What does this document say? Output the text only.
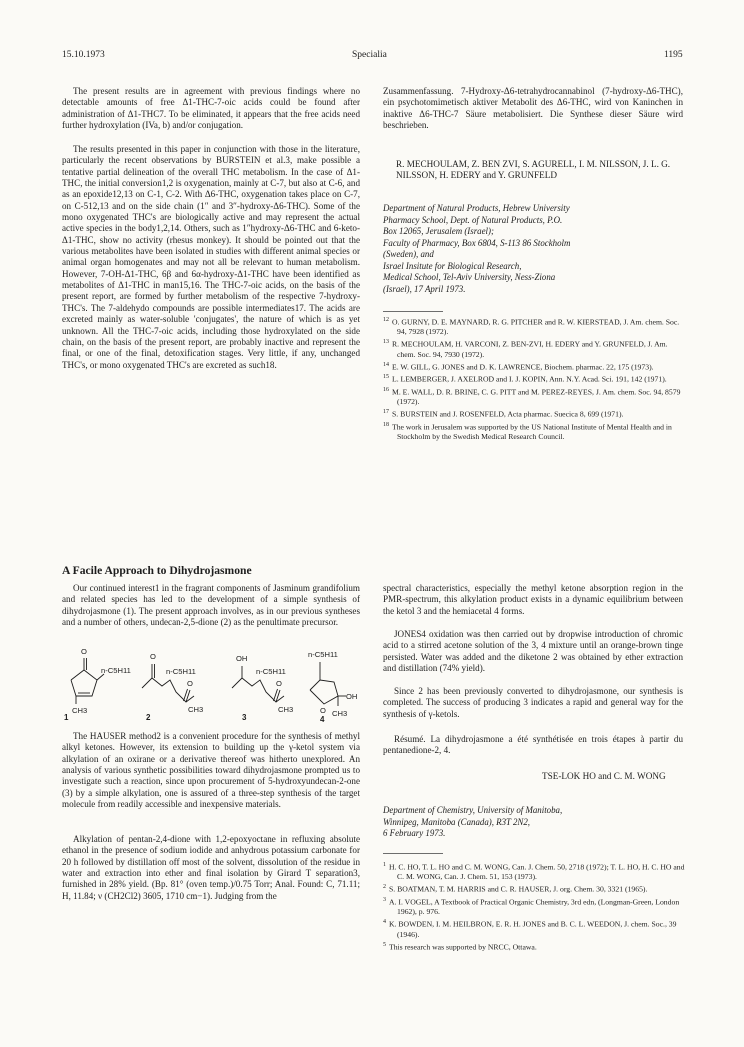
15.10.1973	Specialia	1195

The present results are in agreement with previous findings where no detectable amounts of free Δ1-THC-7-oic acids could be found after administration of Δ1-THC7. To be eliminated, it appears that the free acids need further hydroxylation (IVa, b) and/or conjugation.

The results presented in this paper in conjunction with those in the literature, particularly the recent observations by BURSTEIN et al.3, make possible a tentative partial delineation of the overall THC metabolism. In the case of Δ1-THC, the initial conversion1,2 is oxygenation, mainly at C-7, but also at C-6, and as an epoxide12,13 on C-1, C-2. With Δ6-THC, oxygenation takes place on C-7, on C-512,13 and on the side chain (1″ and 3″-hydroxy-Δ6-THC). Some of the mono oxygenated THC's are biologically active and may represent the actual active species in the body1,2,14. Others, such as 1″hydroxy-Δ6-THC and 6-keto-Δ1-THC, show no activity (rhesus monkey). It should be pointed out that the various metabolites have been isolated in studies with different animal species or animal organ homogenates and may not all be relevant to human metabolism. However, 7-OH-Δ1-THC, 6β and 6α-hydroxy-Δ1-THC have been identified as metabolites of Δ1-THC in man15,16. The THC-7-oic acids, on the basis of the present report, are formed by further metabolism of the respective 7-hydroxy-THC's. The 7-aldehydo compounds are possible intermediates17. The acids are excreted mainly as water-soluble 'conjugates', the nature of which is as yet unknown. All the THC-7-oic acids, including those hydroxylated on the side chain, on the basis of the present report, are probably inactive and represent the final, or one of the final, detoxification stages. Very little, if any, unchanged THC's, or mono oxygenated THC's are excreted as such18.

Zusammenfassung. 7-Hydroxy-Δ6-tetrahydrocannabinol (7-hydroxy-Δ6-THC), ein psychotomimetisch aktiver Metabolit des Δ6-THC, wird von Kaninchen in inaktive Δ6-THC-7 Säure metabolisiert. Die Synthese dieser Säure wird beschrieben.

R. MECHOULAM, Z. BEN ZVI, S. AGURELL, I. M. NILSSON, J. L. G. NILSSON, H. EDERY and Y. GRUNFELD

Department of Natural Products, Hebrew University

Pharmacy School, Dept. of Natural Products, P.O.

Box 12065, Jerusalem (Israel);

Faculty of Pharmacy, Box 6804, S-113 86 Stockholm

(Sweden), and

Israel Insitute for Biological Research,

Medical School, Tel-Aviv University, Ness-Ziona

(Israel), 17 April 1973.

$^{12}$ O. GURNY, D. E. MAYNARD, R. G. PITCHER and R. W. KIERSTEAD, J. Am. chem. Soc. 94, 7928 (1972).
$^{13}$ R. MECHOULAM, H. VARCONI, Z. BEN-ZVI, H. EDERY and Y. GRUNFELD, J. Am. chem. Soc. 94, 7930 (1972).
$^{14}$ E. W. GILL, G. JONES and D. K. LAWRENCE, Biochem. pharmac. 22, 175 (1973).
$^{15}$ L. LEMBERGER, J. AXELROD and I. J. KOPIN, Ann. N.Y. Acad. Sci. 191, 142 (1971).
$^{16}$ M. E. WALL, D. R. BRINE, C. G. PITT and M. PEREZ-REYES, J. Am. chem. Soc. 94, 8579 (1972).
$^{17}$ S. BURSTEIN and J. ROSENFELD, Acta pharmac. Suecica 8, 699 (1971).
$^{18}$ The work in Jerusalem was supported by the US National Institute of Mental Health and in Stockholm by the Swedish Medical Research Council.
A Facile Approach to Dihydrojasmone

Our continued interest1 in the fragrant components of Jasminum grandifolium and related species has led to the development of a simple synthesis of dihydrojasmone (1). The present approach involves, as in our previous syntheses and a number of others, undecan-2,5-dione (2) as the penultimate precursor.

O
n-C5H11
CH3
O
n-C5H11
O
CH3
OH
n-C5H11
O
CH3
n-C5H11
O
OH
CH3
1	2	3	4

The HAUSER method2 is a convenient procedure for the synthesis of methyl alkyl ketones. However, its extension to building up the γ-ketol system via alkylation of an oxirane or a derivative thereof was hitherto unexplored. An analysis of various synthetic possibilities toward dihydrojasmone prompted us to investigate such a reaction, since upon procurement of 5-hydroxyundecan-2-one (3) by a simple alkylation, one is assured of a three-step synthesis of the target molecule from readily accessible and inexpensive materials.

Alkylation of pentan-2,4-dione with 1,2-epoxyoctane in refluxing absolute ethanol in the presence of sodium iodide and anhydrous potassium carbonate for 20 h followed by distillation off most of the solvent, dissolution of the residue in water and extraction into ether and final isolation by Girard T separation3, furnished in 28% yield. (Bp. 81° (oven temp.)/0.75 Torr; Anal. Found: C, 71.11; H, 11.84; ν (CH2Cl2) 3605, 1710 cm−1). Judging from the

spectral characteristics, especially the methyl ketone absorption region in the PMR-spectrum, this alkylation product exists in a dynamic equilibrium between the ketol 3 and the hemiacetal 4 forms.

JONES4 oxidation was then carried out by dropwise introduction of chromic acid to a stirred acetone solution of the 3, 4 mixture until an orange-brown tinge persisted. Water was added and the diketone 2 was obtained by ether extraction and distillation (74% yield).

Since 2 has been previously converted to dihydrojasmone, our synthesis is completed. The success of producing 3 indicates a rapid and general way for the synthesis of γ-ketols.

Résumé. La dihydrojasmone a été synthétisée en trois étapes à partir du pentanedione-2, 4.

TSE-LOK HO and C. M. WONG

Department of Chemistry, University of Manitoba,

Winnipeg, Manitoba (Canada), R3T 2N2,

6 February 1973.

$^1$ H. C. HO, T. L. HO and C. M. WONG, Can. J. Chem. 50, 2718 (1972); T. L. HO, H. C. HO and C. M. WONG, Can. J. Chem. 51, 153 (1973).
$^2$ S. BOATMAN, T. M. HARRIS and C. R. HAUSER, J. org. Chem. 30, 3321 (1965).
$^3$ A. I. VOGEL, A Textbook of Practical Organic Chemistry, 3rd edn, (Longman-Green, London 1962), p. 976.
$^4$ K. BOWDEN, I. M. HEILBRON, E. R. H. JONES and B. C. L. WEEDON, J. chem. Soc., 39 (1946).
$^5$ This research was supported by NRCC, Ottawa.
